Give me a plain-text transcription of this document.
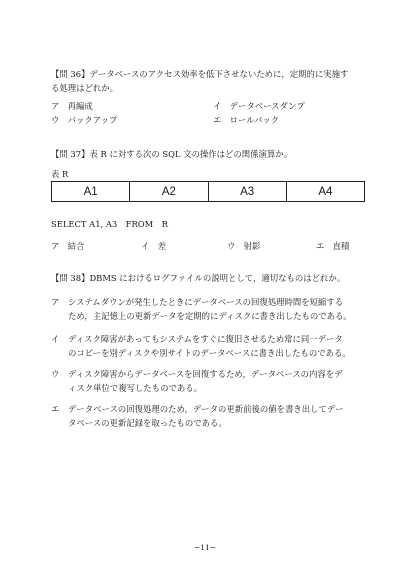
【問 36】データベースのアクセス効率を低下させないために，定期的に実施す
る処理はどれか。
ア 再編成	イ データベースダンプ
ウ バックアップ	エ ロールバック
【問 37】表 R に対する次の SQL 文の操作はどの関係演算か。
表 R
A1	A2	A3	A4
SELECT A1, A3　FROM　R
ア 結合	イ 差	ウ 射影	エ 直積
【問 38】DBMS におけるログファイルの説明として，適切なものはどれか。
ア システムダウンが発生したときにデータベースの回復処理時間を短縮する
ため，主記憶上の更新データを定期的にディスクに書き出したものである。
イ ディスク障害があってもシステムをすぐに復旧させるため常に同一データ
のコピーを別ディスクや別サイトのデータベースに書き出したものである。
ウ ディスク障害からデータベースを回復するため，データベースの内容をデ
ィスク単位で複写したものである。
エ データベースの回復処理のため，データの更新前後の値を書き出してデー
タベースの更新記録を取ったものである。
−11−
